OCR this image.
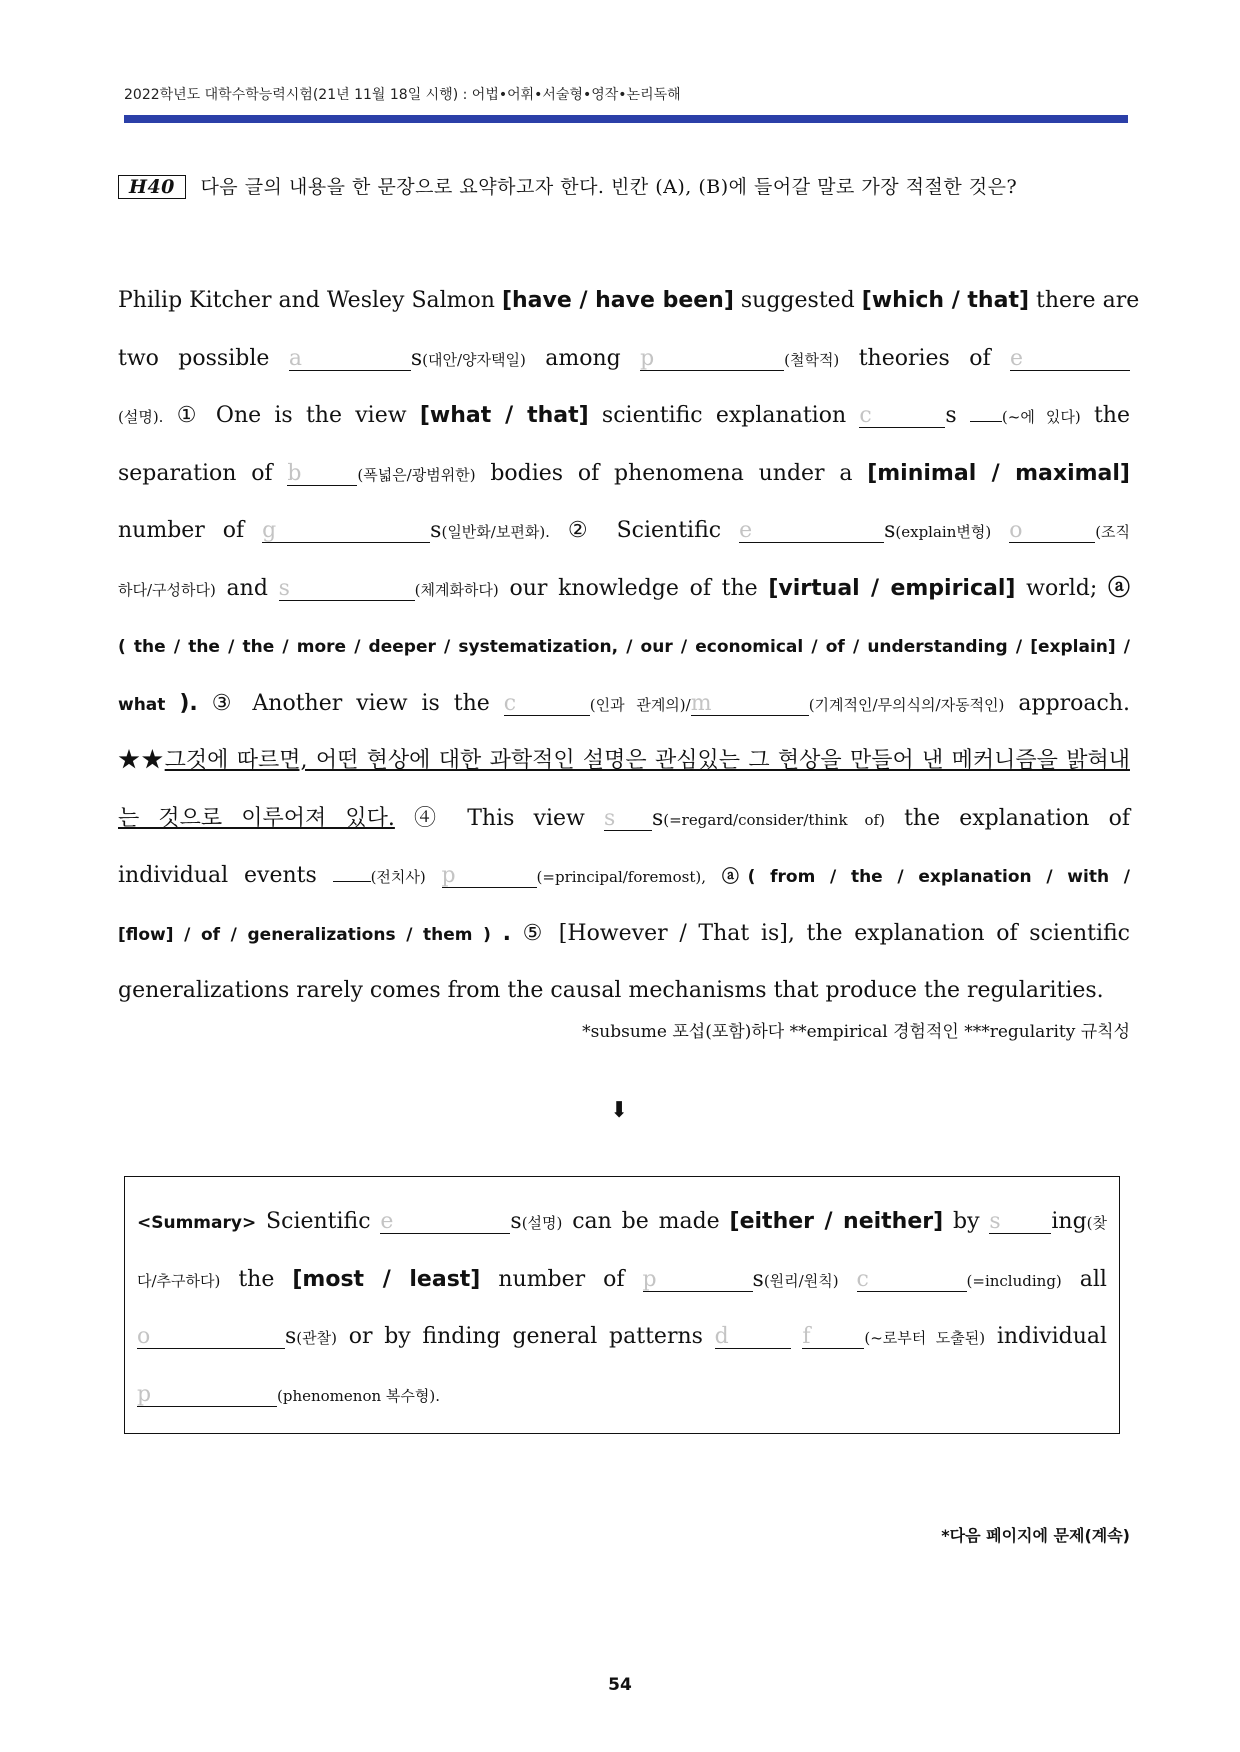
2022학년도 대학수학능력시험(21년 11월 18일 시행) : 어법•어휘•서술형•영작•논리독해
H40 다음 글의 내용을 한 문장으로 요약하고자 한다. 빈칸 (A), (B)에 들어갈 말로 가장 적절한 것은?
Philip Kitcher and Wesley Salmon [have / have been] suggested [which / that] there are
two possible a	s(대안/양자택일) among p	(철학적) theories of e
(설명). ① One is the view [what / that] scientific explanation c	s	(~에 있다) the
separation of b	(폭넓은/광범위한) bodies of phenomena under a [minimal / maximal]
number of g	s(일반화/보편화). ② Scientific e	s(explain변형) o	(조직
하다/구성하다) and s	(체계화하다) our knowledge of the [virtual / empirical] world; ⓐ
( the / the / the / more / deeper / systematization, / our / economical / of / understanding / [explain] /
what ). ③ Another view is the c	(인과 관계의)/m	(기계적인/무의식의/자동적인) approach.
★★그것에 따르면, 어떤 현상에 대한 과학적인 설명은 관심있는 그 현상을 만들어 낸 메커니즘을 밝혀내
는 것으로 이루어져 있다. ④ This view s s(=regard/consider/think of) the explanation of
individual events	(전치사) p	(=principal/foremost), ⓐ( from / the / explanation / with /
[flow] / of / generalizations / them ) . ⑤ [However / That is], the explanation of scientific
generalizations rarely comes from the causal mechanisms that produce the regularities.
*subsume 포섭(포함)하다 **empirical 경험적인 ***regularity 규칙성
⬇
<Summary> Scientific e	s(설명) can be made [either / neither] by s ing(찾
다/추구하다) the [most / least] number of p	s(원리/원칙) c	(=including) all
o	s(관찰) or by finding general patterns d	f	(~로부터 도출된) individual
p	(phenomenon 복수형).
*다음 페이지에 문제(계속)
54
